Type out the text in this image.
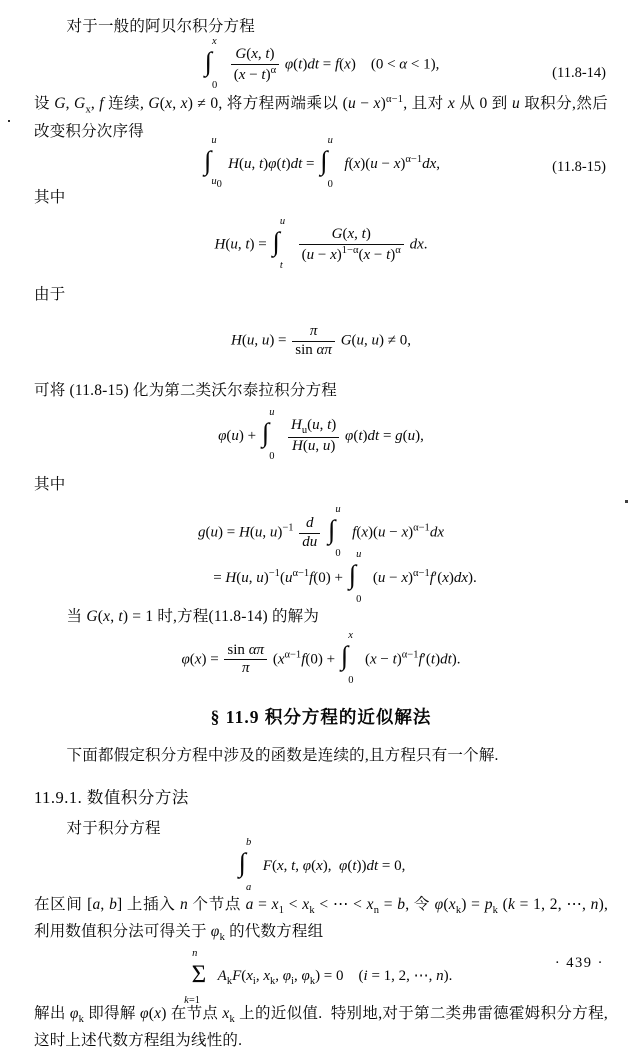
对于一般的阿贝尔积分方程

∫
x
0

$\frac{G(x, t)}{(x - t)^\alpha} \varphi(t)dt = f(x)$    (0 < α < 1),
(11.8-14)

设 G, $G_x$, f 连续, G(x, x) ≠ 0, 将方程两端乘以 $(u - x)^{\alpha-1}$, 且对 x 从 0 到 u 取积分,然后改变积分次序得

∫
u
$u_0$
H(u, t)φ(t)dt = ∫
u
0
$f(x)(u - x)^{\alpha-1}dx$,	(11.8-15)

其中

H(u, t) = ∫
u
t

$\frac{G(x, t)}{(u - x)^{1-\alpha}(x - t)^\alpha}$ dx.

由于

H(u, $u) = \frac{\pi}{\text{sin απ}} G(u$, u) ≠ 0,

可将 (11.8-15) 化为第二类沃尔泰拉积分方程

φ(u) + ∫
u
0

$\frac{H_u(u, t)}{H(u, u)} \varphi(t)dt = g(u)$,

其中

g(u) = H(u, $u)^{-1} \frac{d}{du}$ ∫
u
0
$f(x)(u - x)^{\alpha-1}dx$
= H(u, $u)^{-1}(u^{\alpha-1}f(0)$ + ∫
u
0
$(u - x)^{\alpha-1}f'(x)dx$).

当 G(x, t) = 1 时,方程(11.8-14) 的解为

$\varphi(x) = \frac{\text{sin απ}}{\pi} (x^{\alpha-1}f(0)$ + ∫
x
0
$(x - t)^{\alpha-1}f'(t)dt$).
§ 11.9 积分方程的近似解法

下面都假定积分方程中涉及的函数是连续的,且方程只有一个解.

11.9.1. 数值积分方法

对于积分方程

∫
b
a
F(x, t, φ(x),  φ(t))dt = 0,

在区间 [a, b] 上插入 n 个节点 $a = x_1 < x_k$ < ⋯ < $x_n = b$, 令 $\varphi(x_k) = p_k$ (k = 1, 2, ⋯, n), 利用数值积分法可得关于 $\varphi_k$ 的代数方程组

Σ
n
k=1
$A_kF(x_i$, $x_k$, $\varphi_i$, $\varphi_k) = 0$    (i = 1, 2, ⋯, n).

解出 $\varphi_k$ 即得解 φ(x) 在节点 $x_k$ 上的近似值.  特别地,对于第二类弗雷德霍姆积分方程,这时上述代数方程组为线性的.

· 439 ·
